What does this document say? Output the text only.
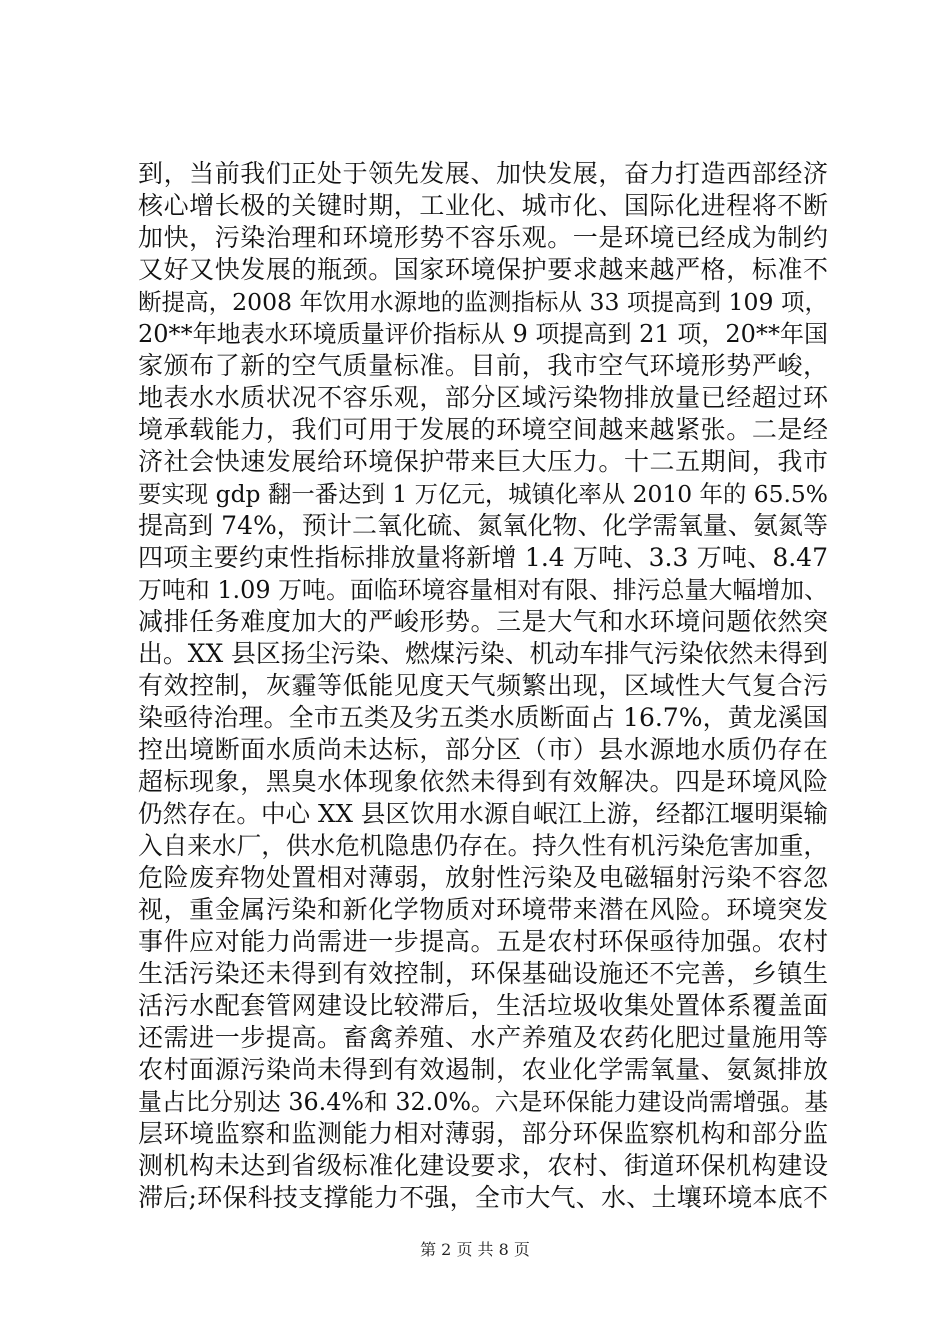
到，当前我们正处于领先发展、加快发展，奋力打造西部经济
核心增长极的关键时期，工业化、城市化、国际化进程将不断
加快，污染治理和环境形势不容乐观。一是环境已经成为制约
又好又快发展的瓶颈。国家环境保护要求越来越严格，标准不
断提高，2008 年饮用水源地的监测指标从 33 项提高到 109 项，
20**年地表水环境质量评价指标从 9 项提高到 21 项，20**年国
家颁布了新的空气质量标准。目前，我市空气环境形势严峻，
地表水水质状况不容乐观，部分区域污染物排放量已经超过环
境承载能力，我们可用于发展的环境空间越来越紧张。二是经
济社会快速发展给环境保护带来巨大压力。十二五期间，我市
要实现 gdp 翻一番达到 1 万亿元，城镇化率从 2010 年的 65.5%
提高到 74%，预计二氧化硫、氮氧化物、化学需氧量、氨氮等
四项主要约束性指标排放量将新增 1.4 万吨、3.3 万吨、8.47
万吨和 1.09 万吨。面临环境容量相对有限、排污总量大幅增加、
减排任务难度加大的严峻形势。三是大气和水环境问题依然突
出。XX 县区扬尘污染、燃煤污染、机动车排气污染依然未得到
有效控制，灰霾等低能见度天气频繁出现，区域性大气复合污
染亟待治理。全市五类及劣五类水质断面占 16.7%，黄龙溪国
控出境断面水质尚未达标，部分区（市）县水源地水质仍存在
超标现象，黑臭水体现象依然未得到有效解决。四是环境风险
仍然存在。中心 XX 县区饮用水源自岷江上游，经都江堰明渠输
入自来水厂，供水危机隐患仍存在。持久性有机污染危害加重，
危险废弃物处置相对薄弱，放射性污染及电磁辐射污染不容忽
视，重金属污染和新化学物质对环境带来潜在风险。环境突发
事件应对能力尚需进一步提高。五是农村环保亟待加强。农村
生活污染还未得到有效控制，环保基础设施还不完善，乡镇生
活污水配套管网建设比较滞后，生活垃圾收集处置体系覆盖面
还需进一步提高。畜禽养殖、水产养殖及农药化肥过量施用等
农村面源污染尚未得到有效遏制，农业化学需氧量、氨氮排放
量占比分别达 36.4%和 32.0%。六是环保能力建设尚需增强。基
层环境监察和监测能力相对薄弱，部分环保监察机构和部分监
测机构未达到省级标准化建设要求，农村、街道环保机构建设
滞后;环保科技支撑能力不强，全市大气、水、土壤环境本底不
第 2 页 共 8 页
